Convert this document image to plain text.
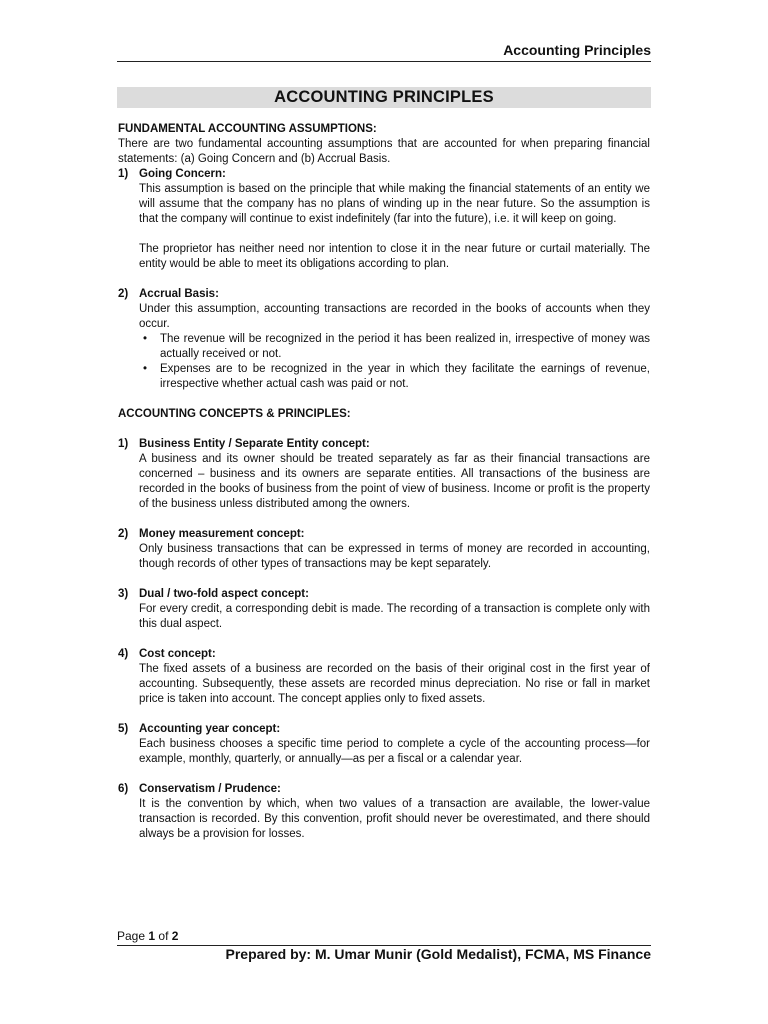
Accounting Principles
ACCOUNTING PRINCIPLES

FUNDAMENTAL ACCOUNTING ASSUMPTIONS:

There are two fundamental accounting assumptions that are accounted for when preparing financial statements: (a) Going Concern and (b) Accrual Basis.

1) Going Concern:

This assumption is based on the principle that while making the financial statements of an entity we will assume that the company has no plans of winding up in the near future. So the assumption is that the company will continue to exist indefinitely (far into the future), i.e. it will keep on going.

The proprietor has neither need nor intention to close it in the near future or curtail materially. The entity would be able to meet its obligations according to plan.

2) Accrual Basis:

Under this assumption, accounting transactions are recorded in the books of accounts when they occur.

• The revenue will be recognized in the period it has been realized in, irrespective of money was actually received or not.
• Expenses are to be recognized in the year in which they facilitate the earnings of revenue, irrespective whether actual cash was paid or not.

ACCOUNTING CONCEPTS & PRINCIPLES:

1) Business Entity / Separate Entity concept:

A business and its owner should be treated separately as far as their financial transactions are concerned – business and its owners are separate entities. All transactions of the business are recorded in the books of business from the point of view of business. Income or profit is the property of the business unless distributed among the owners.

2) Money measurement concept:

Only business transactions that can be expressed in terms of money are recorded in accounting, though records of other types of transactions may be kept separately.

3) Dual / two-fold aspect concept:

For every credit, a corresponding debit is made. The recording of a transaction is complete only with this dual aspect.

4) Cost concept:

The fixed assets of a business are recorded on the basis of their original cost in the first year of accounting. Subsequently, these assets are recorded minus depreciation. No rise or fall in market price is taken into account. The concept applies only to fixed assets.

5) Accounting year concept:

Each business chooses a specific time period to complete a cycle of the accounting process—for example, monthly, quarterly, or annually—as per a fiscal or a calendar year.

6) Conservatism / Prudence:

It is the convention by which, when two values of a transaction are available, the lower-value transaction is recorded. By this convention, profit should never be overestimated, and there should always be a provision for losses.

Page 1 of 2
Prepared by: M. Umar Munir (Gold Medalist), FCMA, MS Finance
